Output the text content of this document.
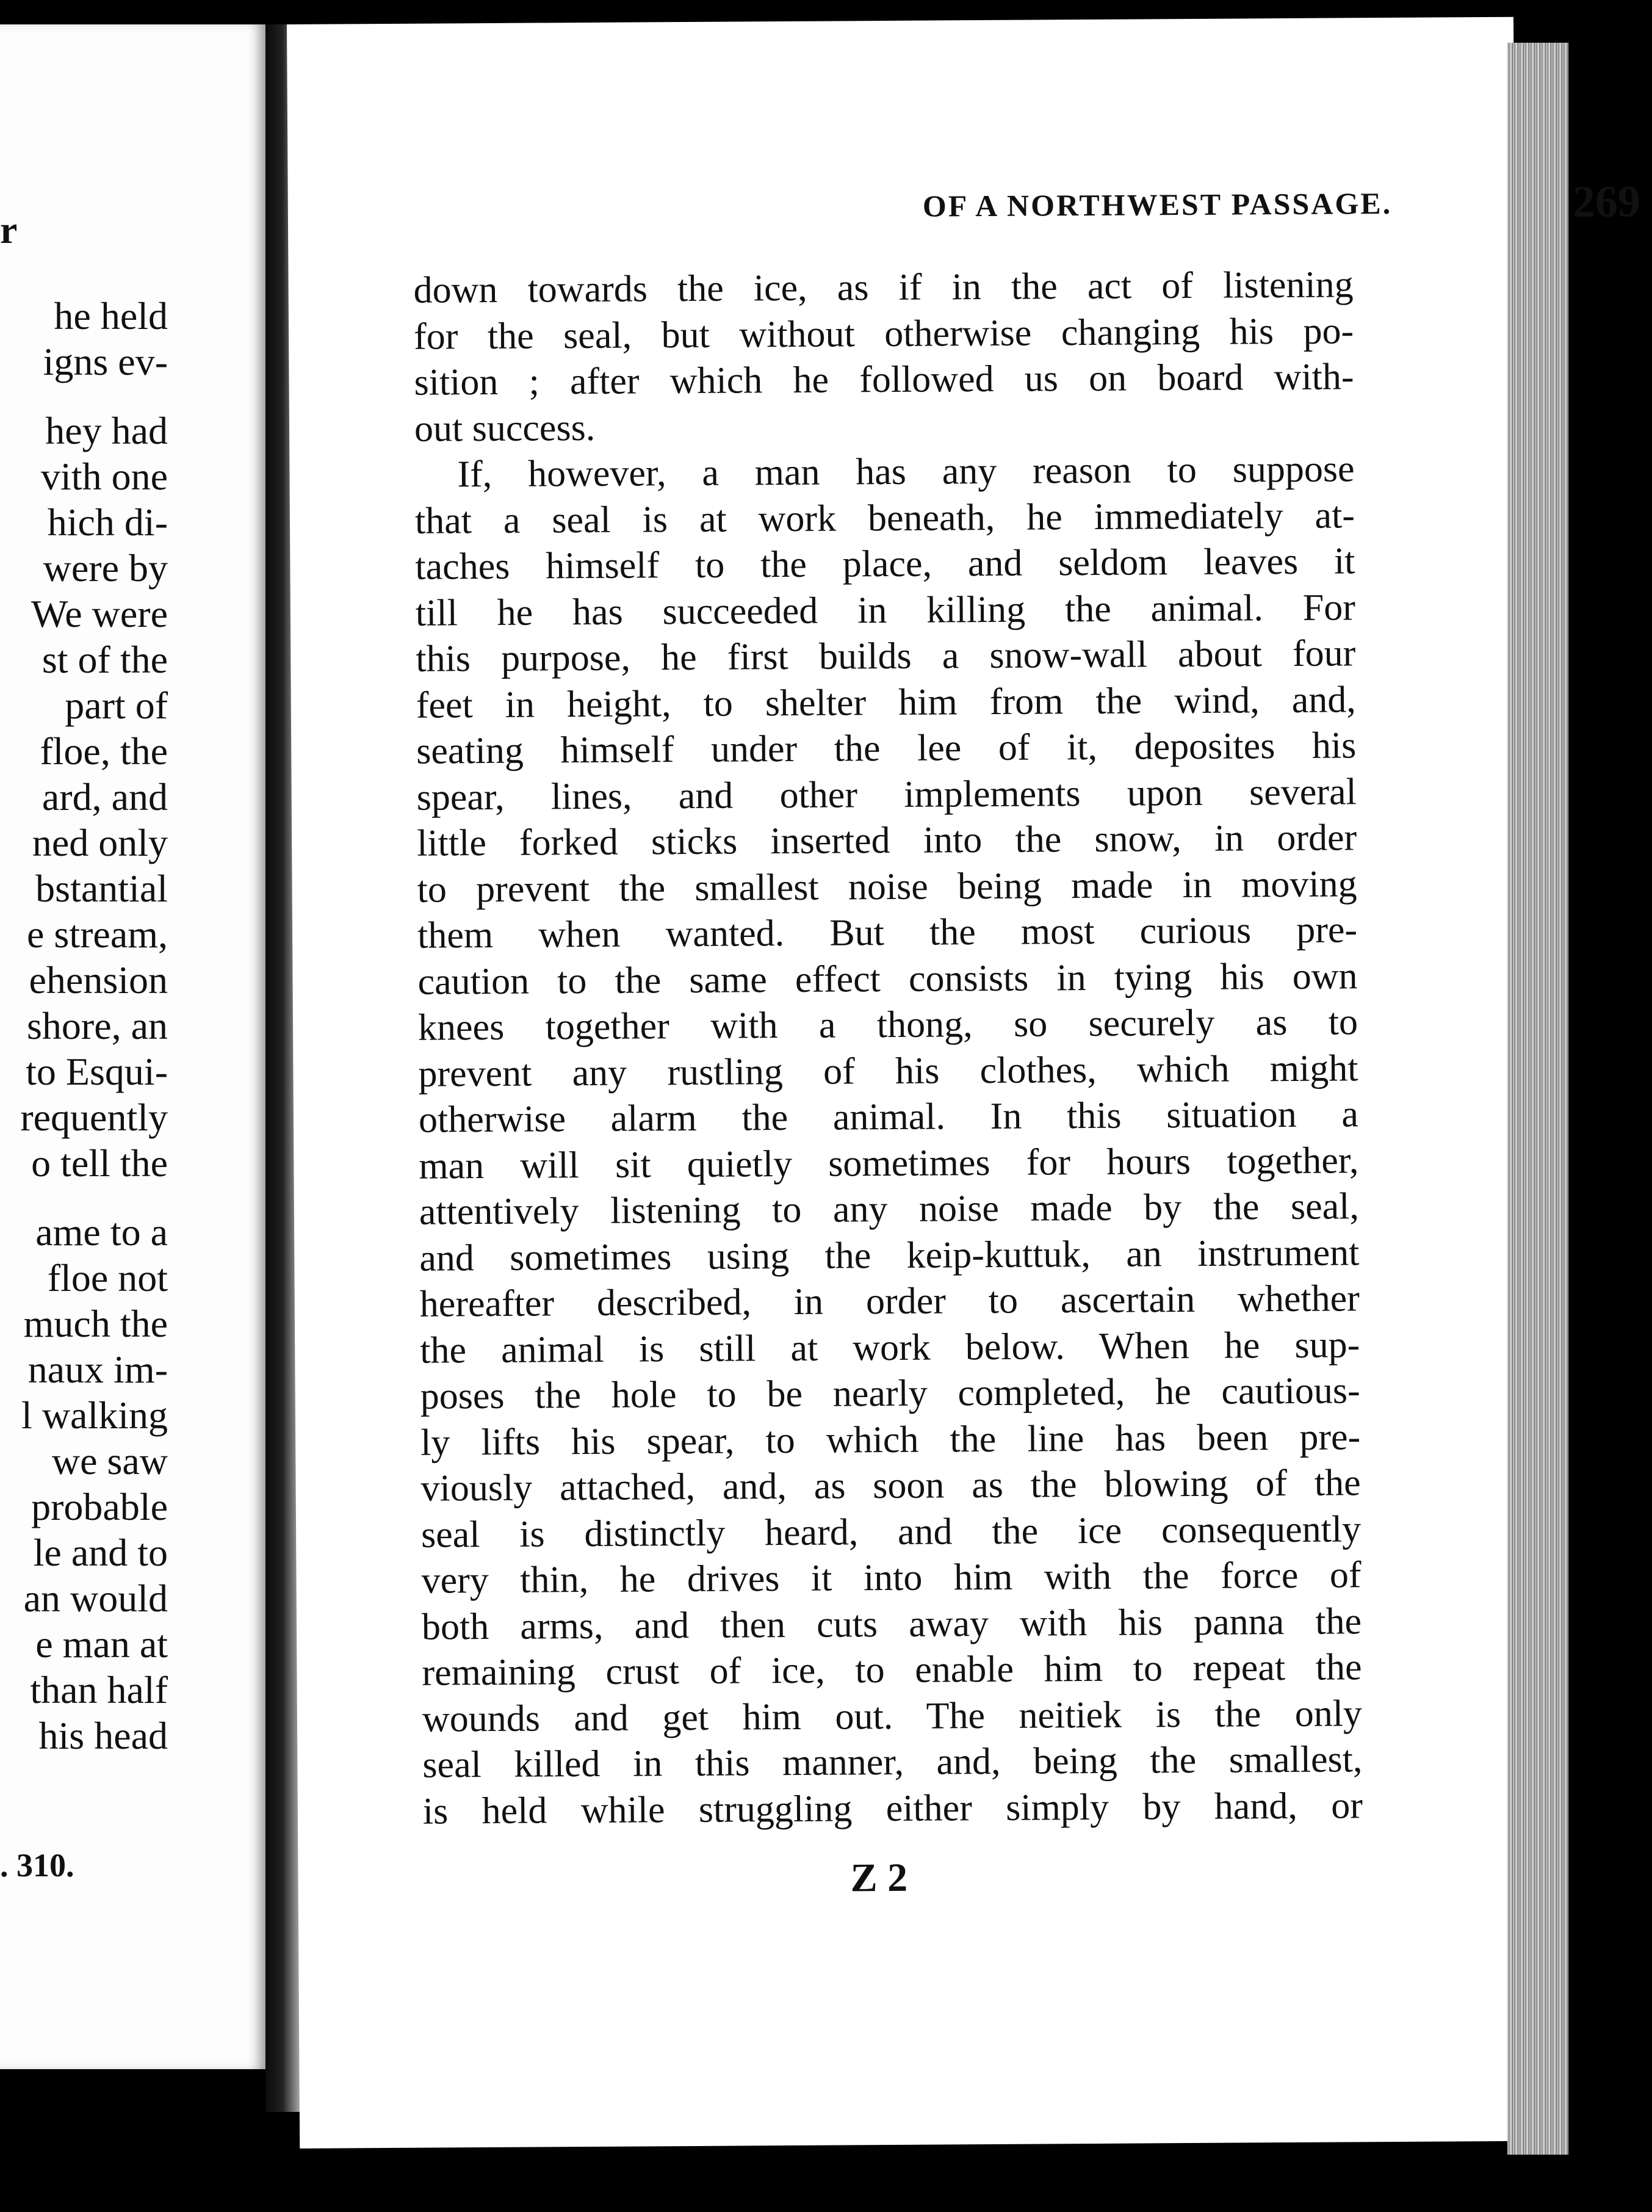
r
he held
igns ev-
hey had
vith one
hich di-
were by
We were
st of the
part of
floe, the
ard, and
ned only
bstantial
e stream,
ehension
shore, an
to Esqui-
requently
o tell the
ame to a
floe not
much the
naux im-
l walking
we saw
probable
le and to
an would
e man at
than half
his head
. 310.
OF A NORTHWEST PASSAGE.	269
down towards the ice, as if in the act of listening
for the seal, but without otherwise changing his po-
sition ; after which he followed us on board with-
out success.
If, however, a man has any reason to suppose
that a seal is at work beneath, he immediately at-
taches himself to the place, and seldom leaves it
till he has succeeded in killing the animal. For
this purpose, he first builds a snow-wall about four
feet in height, to shelter him from the wind, and,
seating himself under the lee of it, deposites his
spear, lines, and other implements upon several
little forked sticks inserted into the snow, in order
to prevent the smallest noise being made in moving
them when wanted. But the most curious pre-
caution to the same effect consists in tying his own
knees together with a thong, so securely as to
prevent any rustling of his clothes, which might
otherwise alarm the animal. In this situation a
man will sit quietly sometimes for hours together,
attentively listening to any noise made by the seal,
and sometimes using the keip-kuttuk, an instrument
hereafter described, in order to ascertain whether
the animal is still at work below. When he sup-
poses the hole to be nearly completed, he cautious-
ly lifts his spear, to which the line has been pre-
viously attached, and, as soon as the blowing of the
seal is distinctly heard, and the ice consequently
very thin, he drives it into him with the force of
both arms, and then cuts away with his panna the
remaining crust of ice, to enable him to repeat the
wounds and get him out. The neitiek is the only
seal killed in this manner, and, being the smallest,
is held while struggling either simply by hand, or
Z 2
